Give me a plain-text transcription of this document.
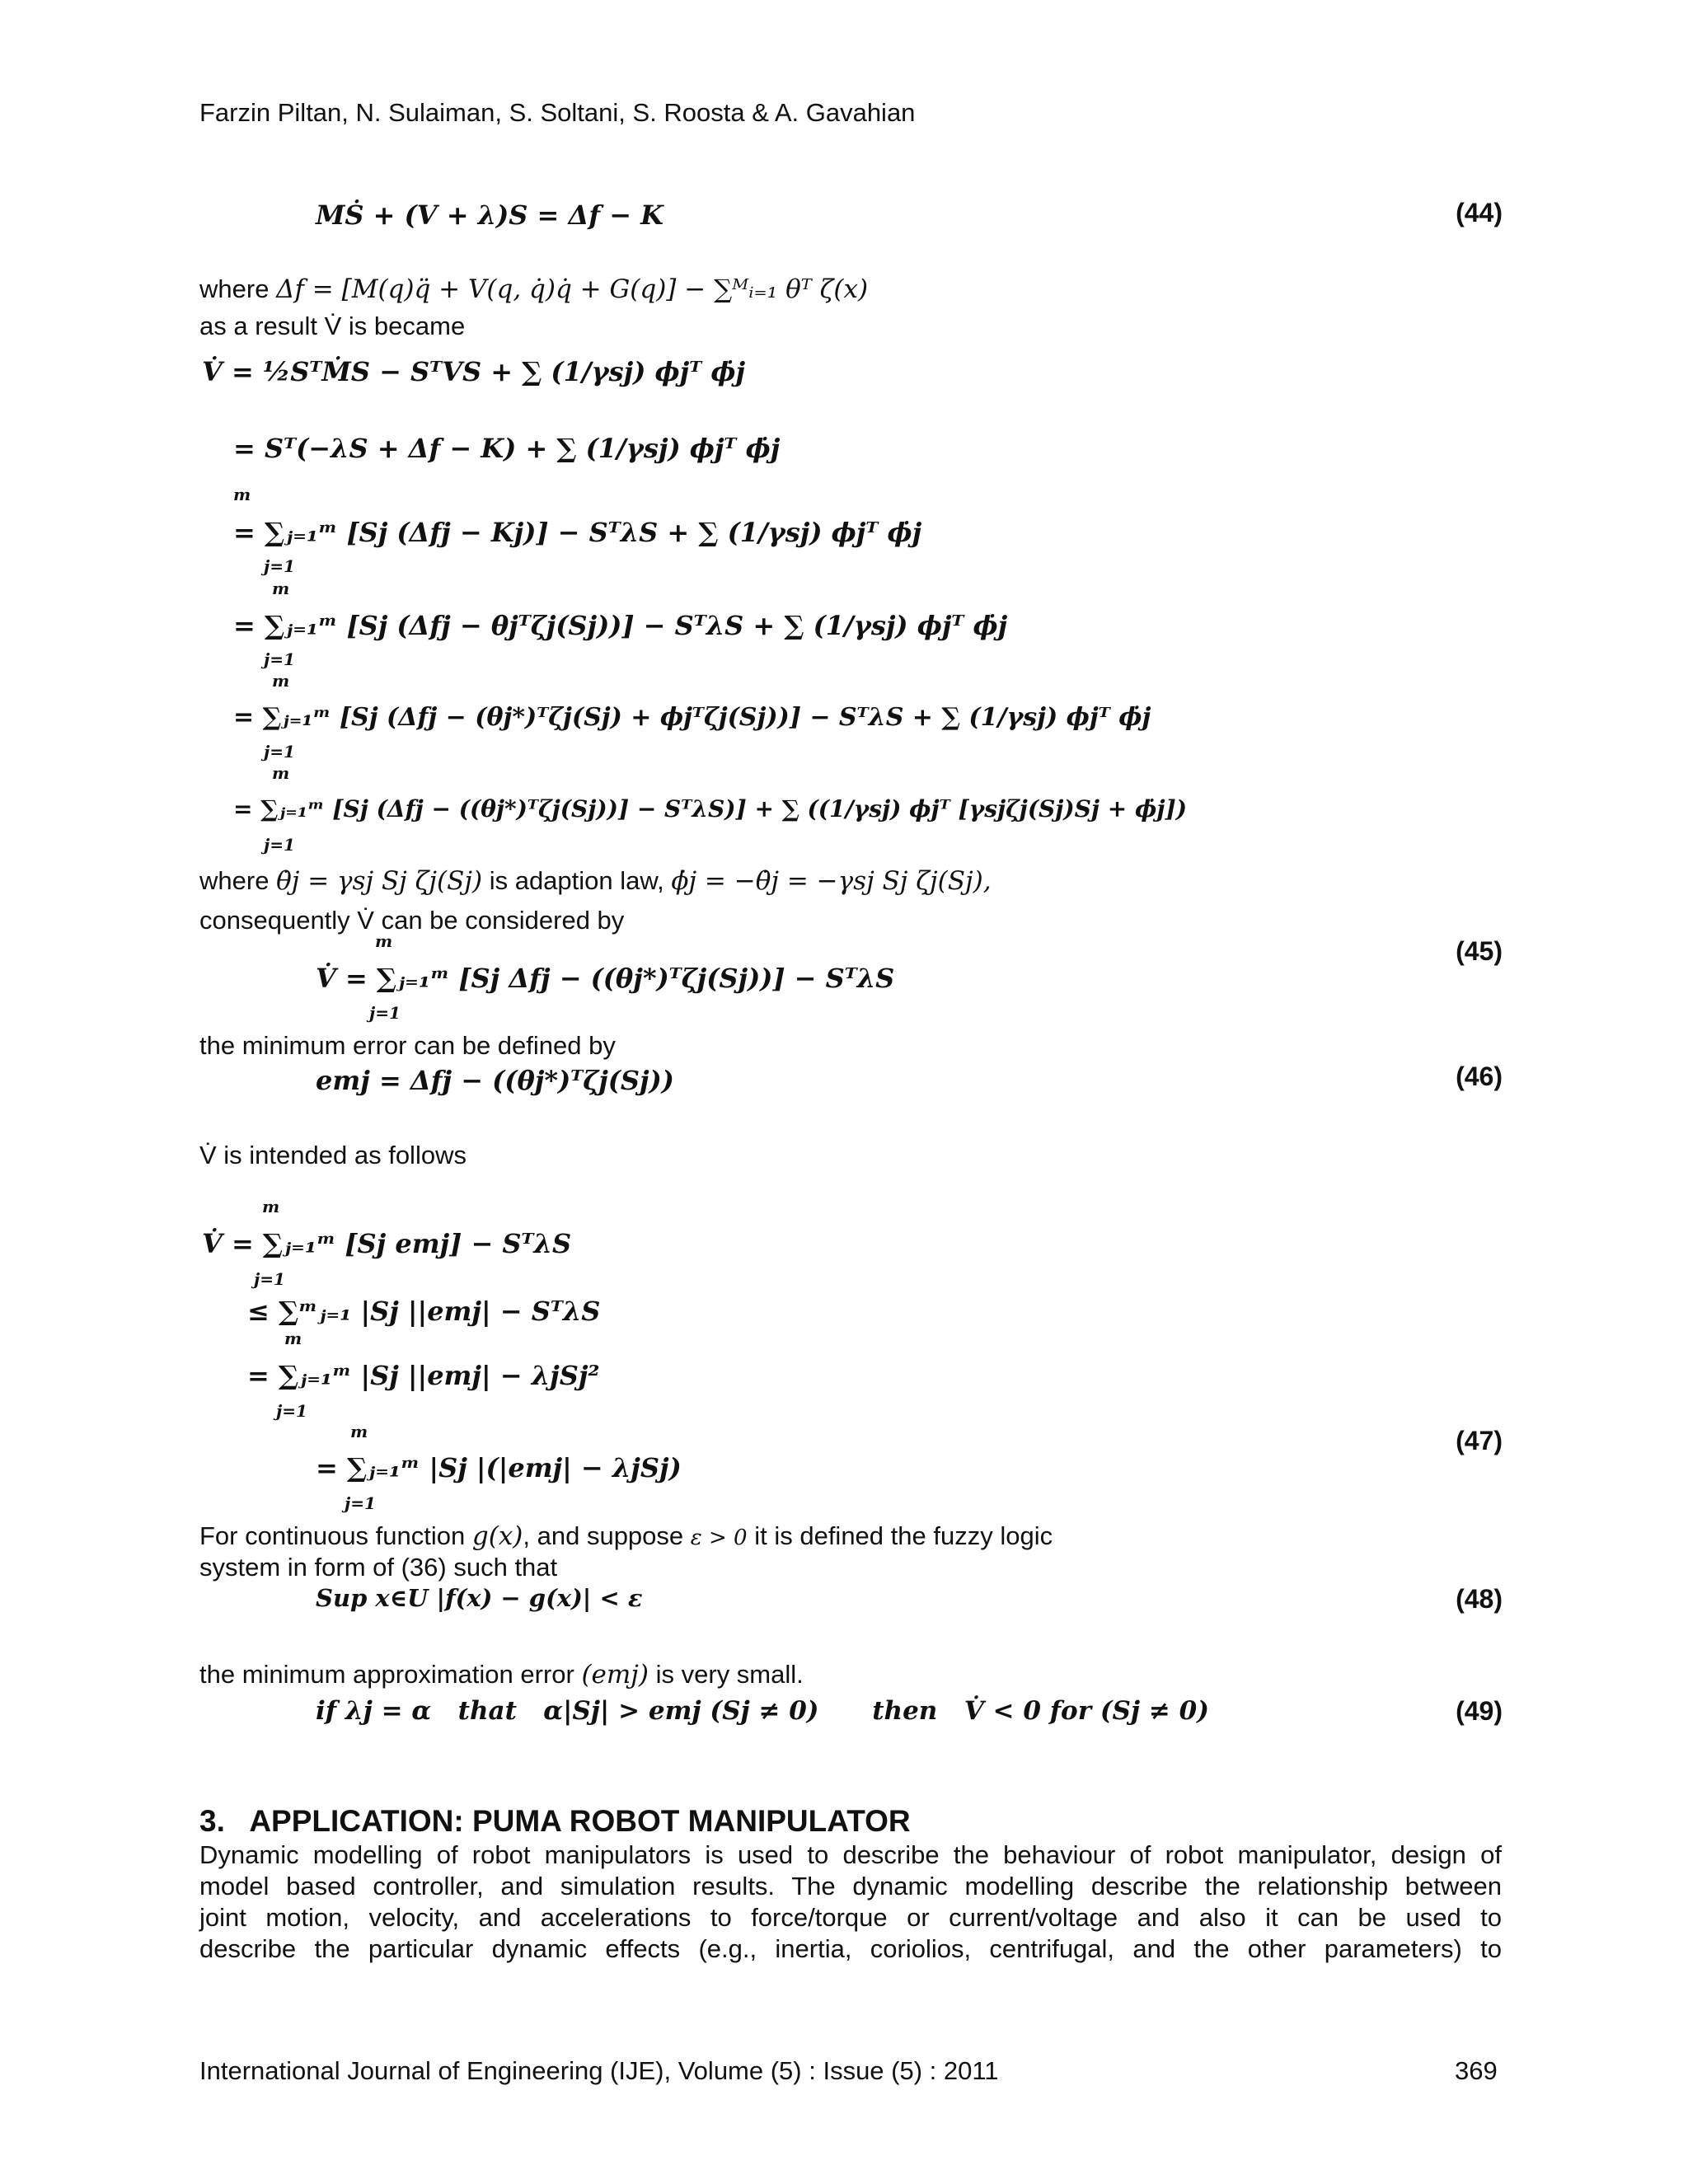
Farzin Piltan, N. Sulaiman, S. Soltani, S. Roosta & A. Gavahian
MṠ + (V + λ)S = Δf − K	(44)
where Δf = [M(q)q̈ + V(q, q̇)q̇ + G(q)] − ∑ᴹᵢ₌₁ θᵀ ζ(x)
as a result V̇ is became
V̇ = ½SᵀṀS − SᵀVS + ∑ (1/γsj) ϕjᵀ ϕ̇j
= Sᵀ(−λS + Δf − K) + ∑ (1/γsj) ϕjᵀ ϕ̇j
m
= ∑ⱼ₌₁ᵐ [Sj (Δfj − Kj)] − SᵀλS + ∑ (1/γsj) ϕjᵀ ϕ̇j
j=1
m
= ∑ⱼ₌₁ᵐ [Sj (Δfj − θjᵀζj(Sj))] − SᵀλS + ∑ (1/γsj) ϕjᵀ ϕ̇j
j=1
m
= ∑ⱼ₌₁ᵐ [Sj (Δfj − (θj*)ᵀζj(Sj) + ϕjᵀζj(Sj))] − SᵀλS + ∑ (1/γsj) ϕjᵀ ϕ̇j
j=1
m
= ∑ⱼ₌₁ᵐ [Sj (Δfj − ((θj*)ᵀζj(Sj))] − SᵀλS)] + ∑ ((1/γsj) ϕjᵀ [γsjζj(Sj)Sj + ϕ̇j])
j=1
where θ̇j = γsj Sj ζj(Sj) is adaption law, ϕ̇j = −θ̇j = −γsj Sj ζj(Sj),
consequently V̇ can be considered by
m
V̇ = ∑ⱼ₌₁ᵐ [Sj Δfj − ((θj*)ᵀζj(Sj))] − SᵀλS
j=1
(45)
the minimum error can be defined by
emj = Δfj − ((θj*)ᵀζj(Sj))	(46)
V̇ is intended as follows
m
V̇ = ∑ⱼ₌₁ᵐ [Sj emj] − SᵀλS
j=1
≤ ∑ᵐⱼ₌₁ |Sj ||emj| − SᵀλS
m
= ∑ⱼ₌₁ᵐ |Sj ||emj| − λjSj²
j=1
m
= ∑ⱼ₌₁ᵐ |Sj |(|emj| − λjSj)
j=1
(47)
For continuous function g(x), and suppose ε > 0 it is defined the fuzzy logic
system in form of (36) such that
Sup x∈U |f(x) − g(x)| < ε	(48)
the minimum approximation error (emj) is very small.
if λj = α   that   α|Sj| > emj (Sj ≠ 0)      then   V̇ < 0 for (Sj ≠ 0)	(49)
3.   APPLICATION: PUMA ROBOT MANIPULATOR
Dynamic modelling of robot manipulators is used to describe the behaviour of robot manipulator, design of
model based controller, and simulation results. The dynamic modelling describe the relationship between
joint motion, velocity, and accelerations to force/torque or current/voltage and also it can be used to
describe the particular dynamic effects (e.g., inertia, coriolios, centrifugal, and the other parameters) to
International Journal of Engineering (IJE), Volume (5) : Issue (5) : 2011	369
